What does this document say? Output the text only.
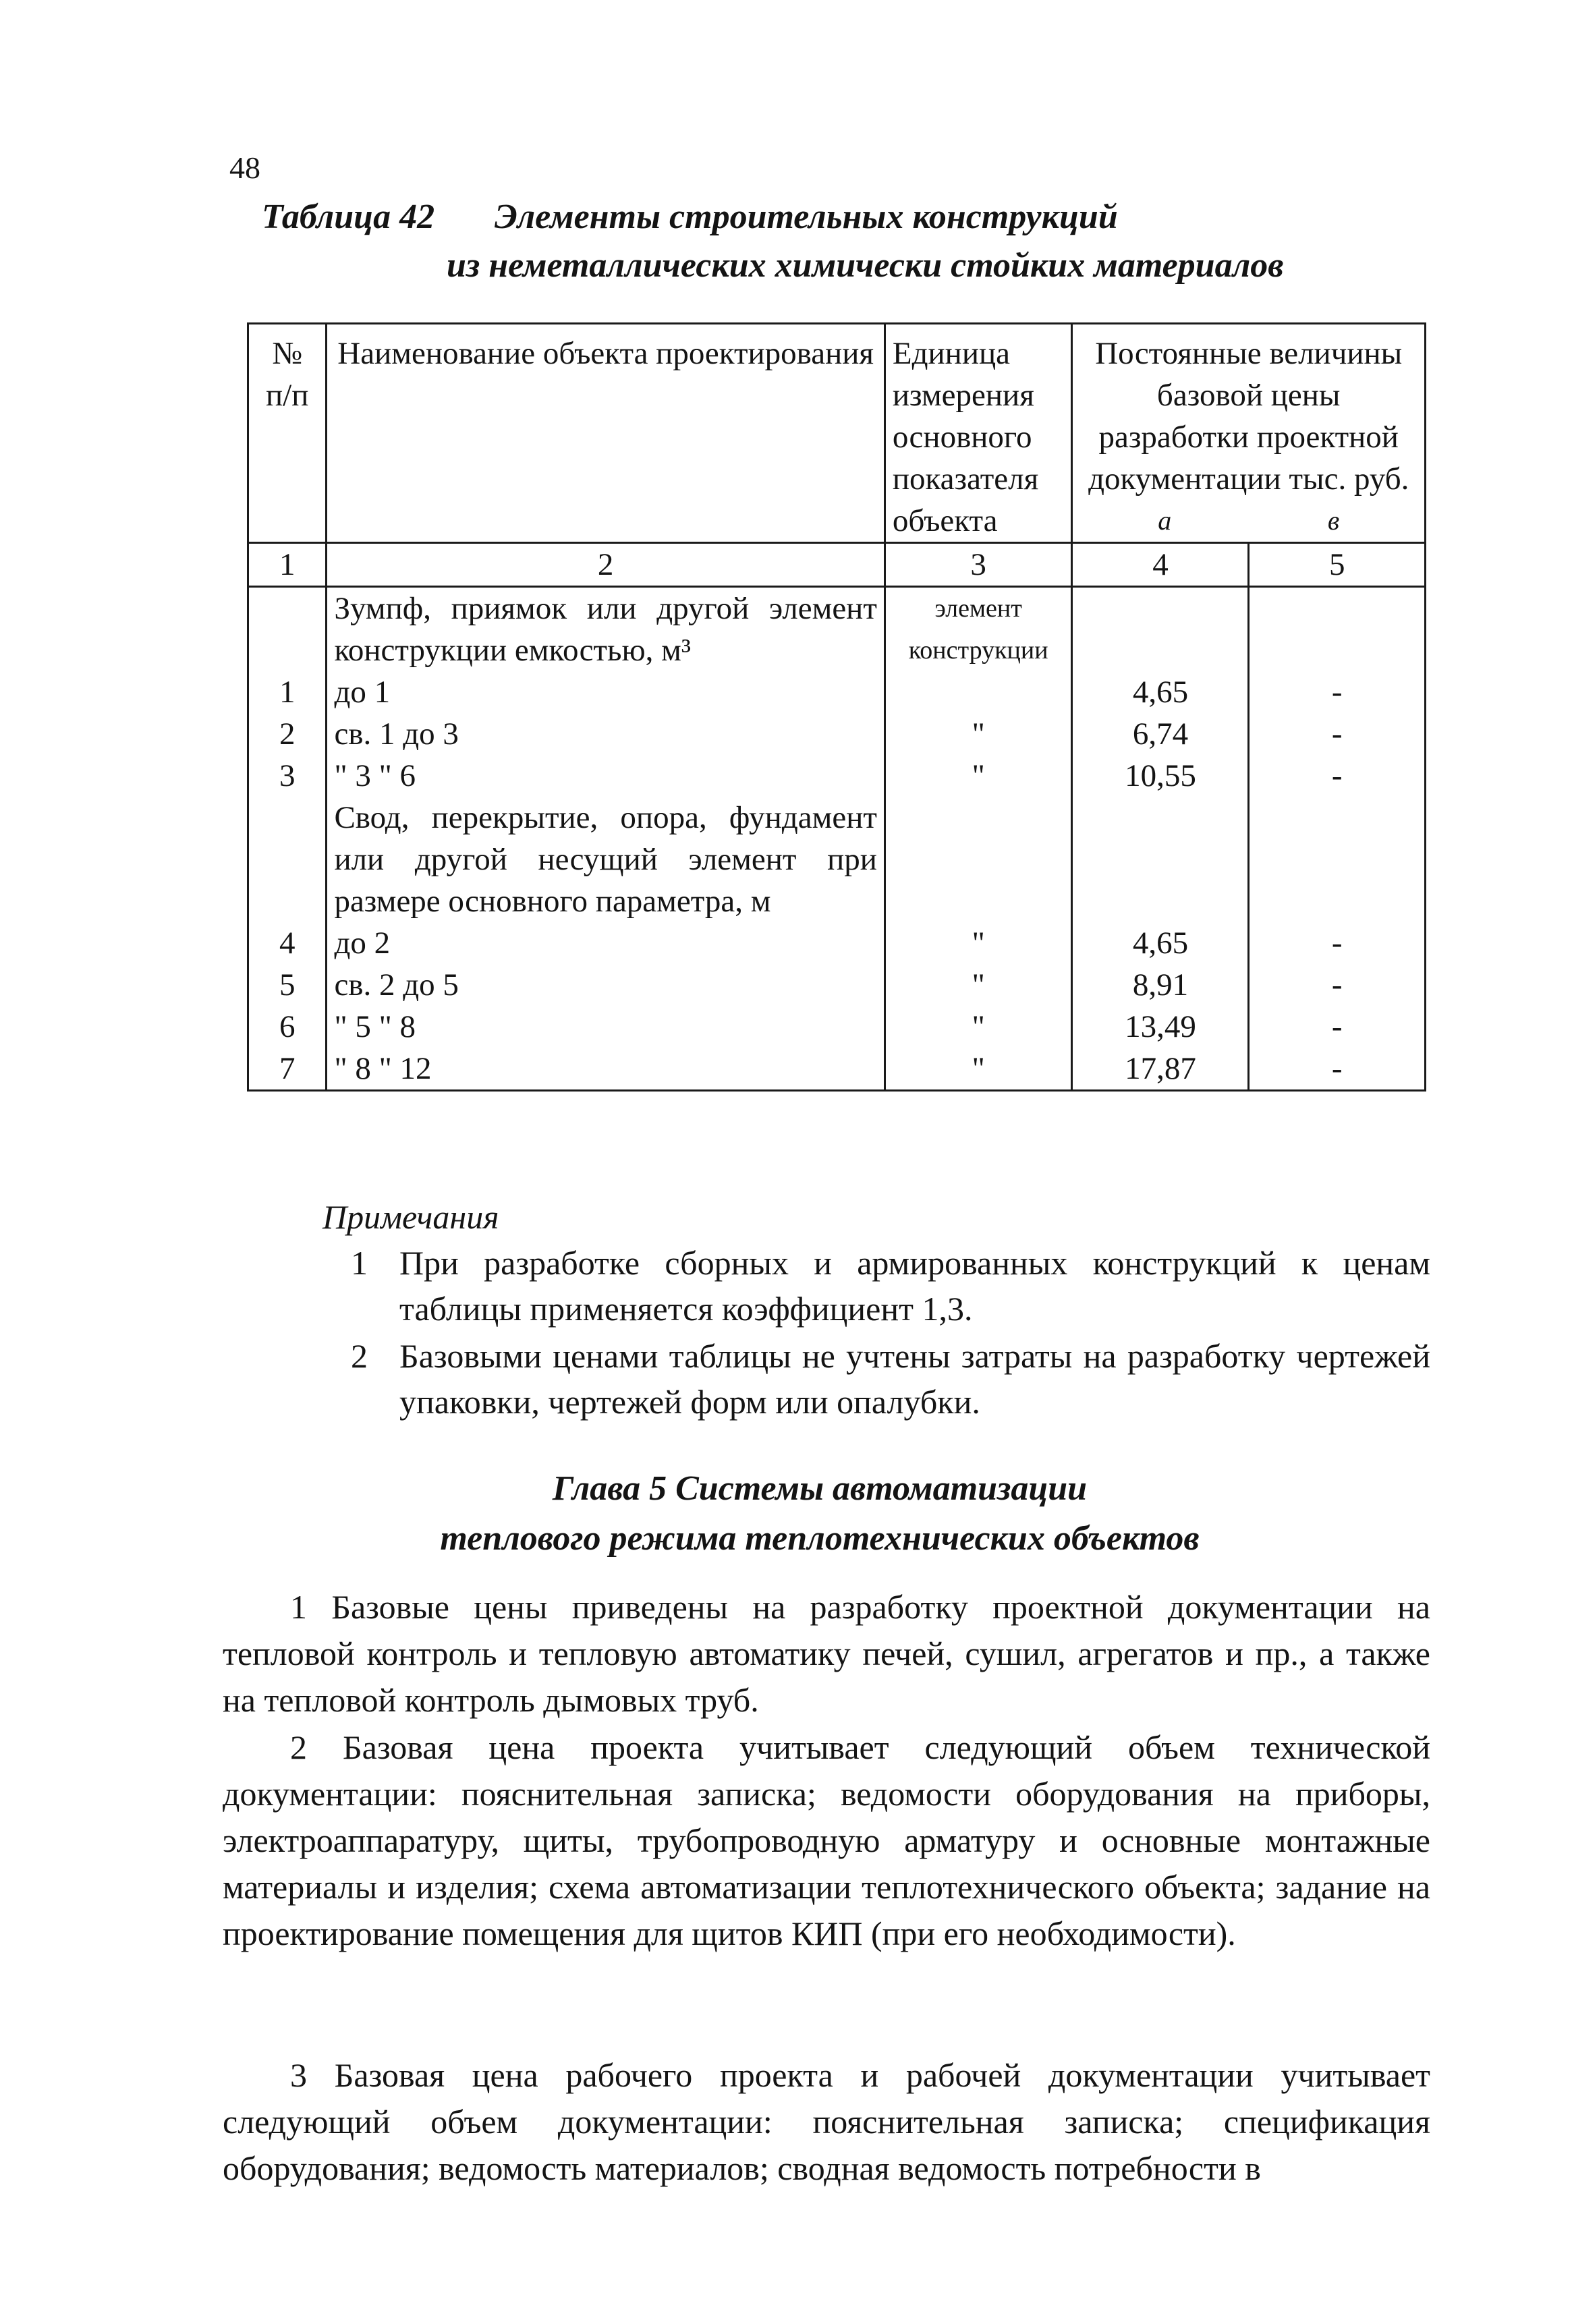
48
Таблица 42 Элементы строительных конструкций
из неметаллических химически стойких материалов
№ п/п	Наименование объекта проектирования	Единица измерения основного показателя объекта	Постоянные величины базовой цены разработки проектной документации тыс. руб.
а в	

1	2	3	4	5
	Зумпф, приямок или другой элемент конструкции емкостью, м³	элемент конструкции		
1	до 1		4,65	-
2	св. 1 до 3	"	6,74	-
3	" 3 " 6	"	10,55	-
	Свод, перекрытие, опора, фундамент или другой несущий элемент при размере основного параметра, м			
4	до 2	"	4,65	-
5	св. 2 до 5	"	8,91	-
6	" 5 " 8	"	13,49	-
7	" 8 " 12	"	17,87	-
Примечания
1 При разработке сборных и армированных конструкций к ценам таблицы применяется коэффициент 1,3.
2 Базовыми ценами таблицы не учтены затраты на разработку чертежей упаковки, чертежей форм или опалубки.
Глава 5 Системы автоматизации
теплового режима теплотехнических объектов
1 Базовые цены приведены на разработку проектной документации на тепловой контроль и тепловую автоматику печей, сушил, агрегатов и пр., а также на тепловой контроль дымовых труб.
2 Базовая цена проекта учитывает следующий объем технической документации: пояснительная записка; ведомости оборудования на приборы, электроаппаратуру, щиты, трубопроводную арматуру и основные монтажные материалы и изделия; схема автоматизации теплотехнического объекта; задание на проектирование помещения для щитов КИП (при его необходимости).
3 Базовая цена рабочего проекта и рабочей документации учитывает следующий объем документации: пояснительная записка; спецификация оборудования; ведомость материалов; сводная ведомость потребности в
